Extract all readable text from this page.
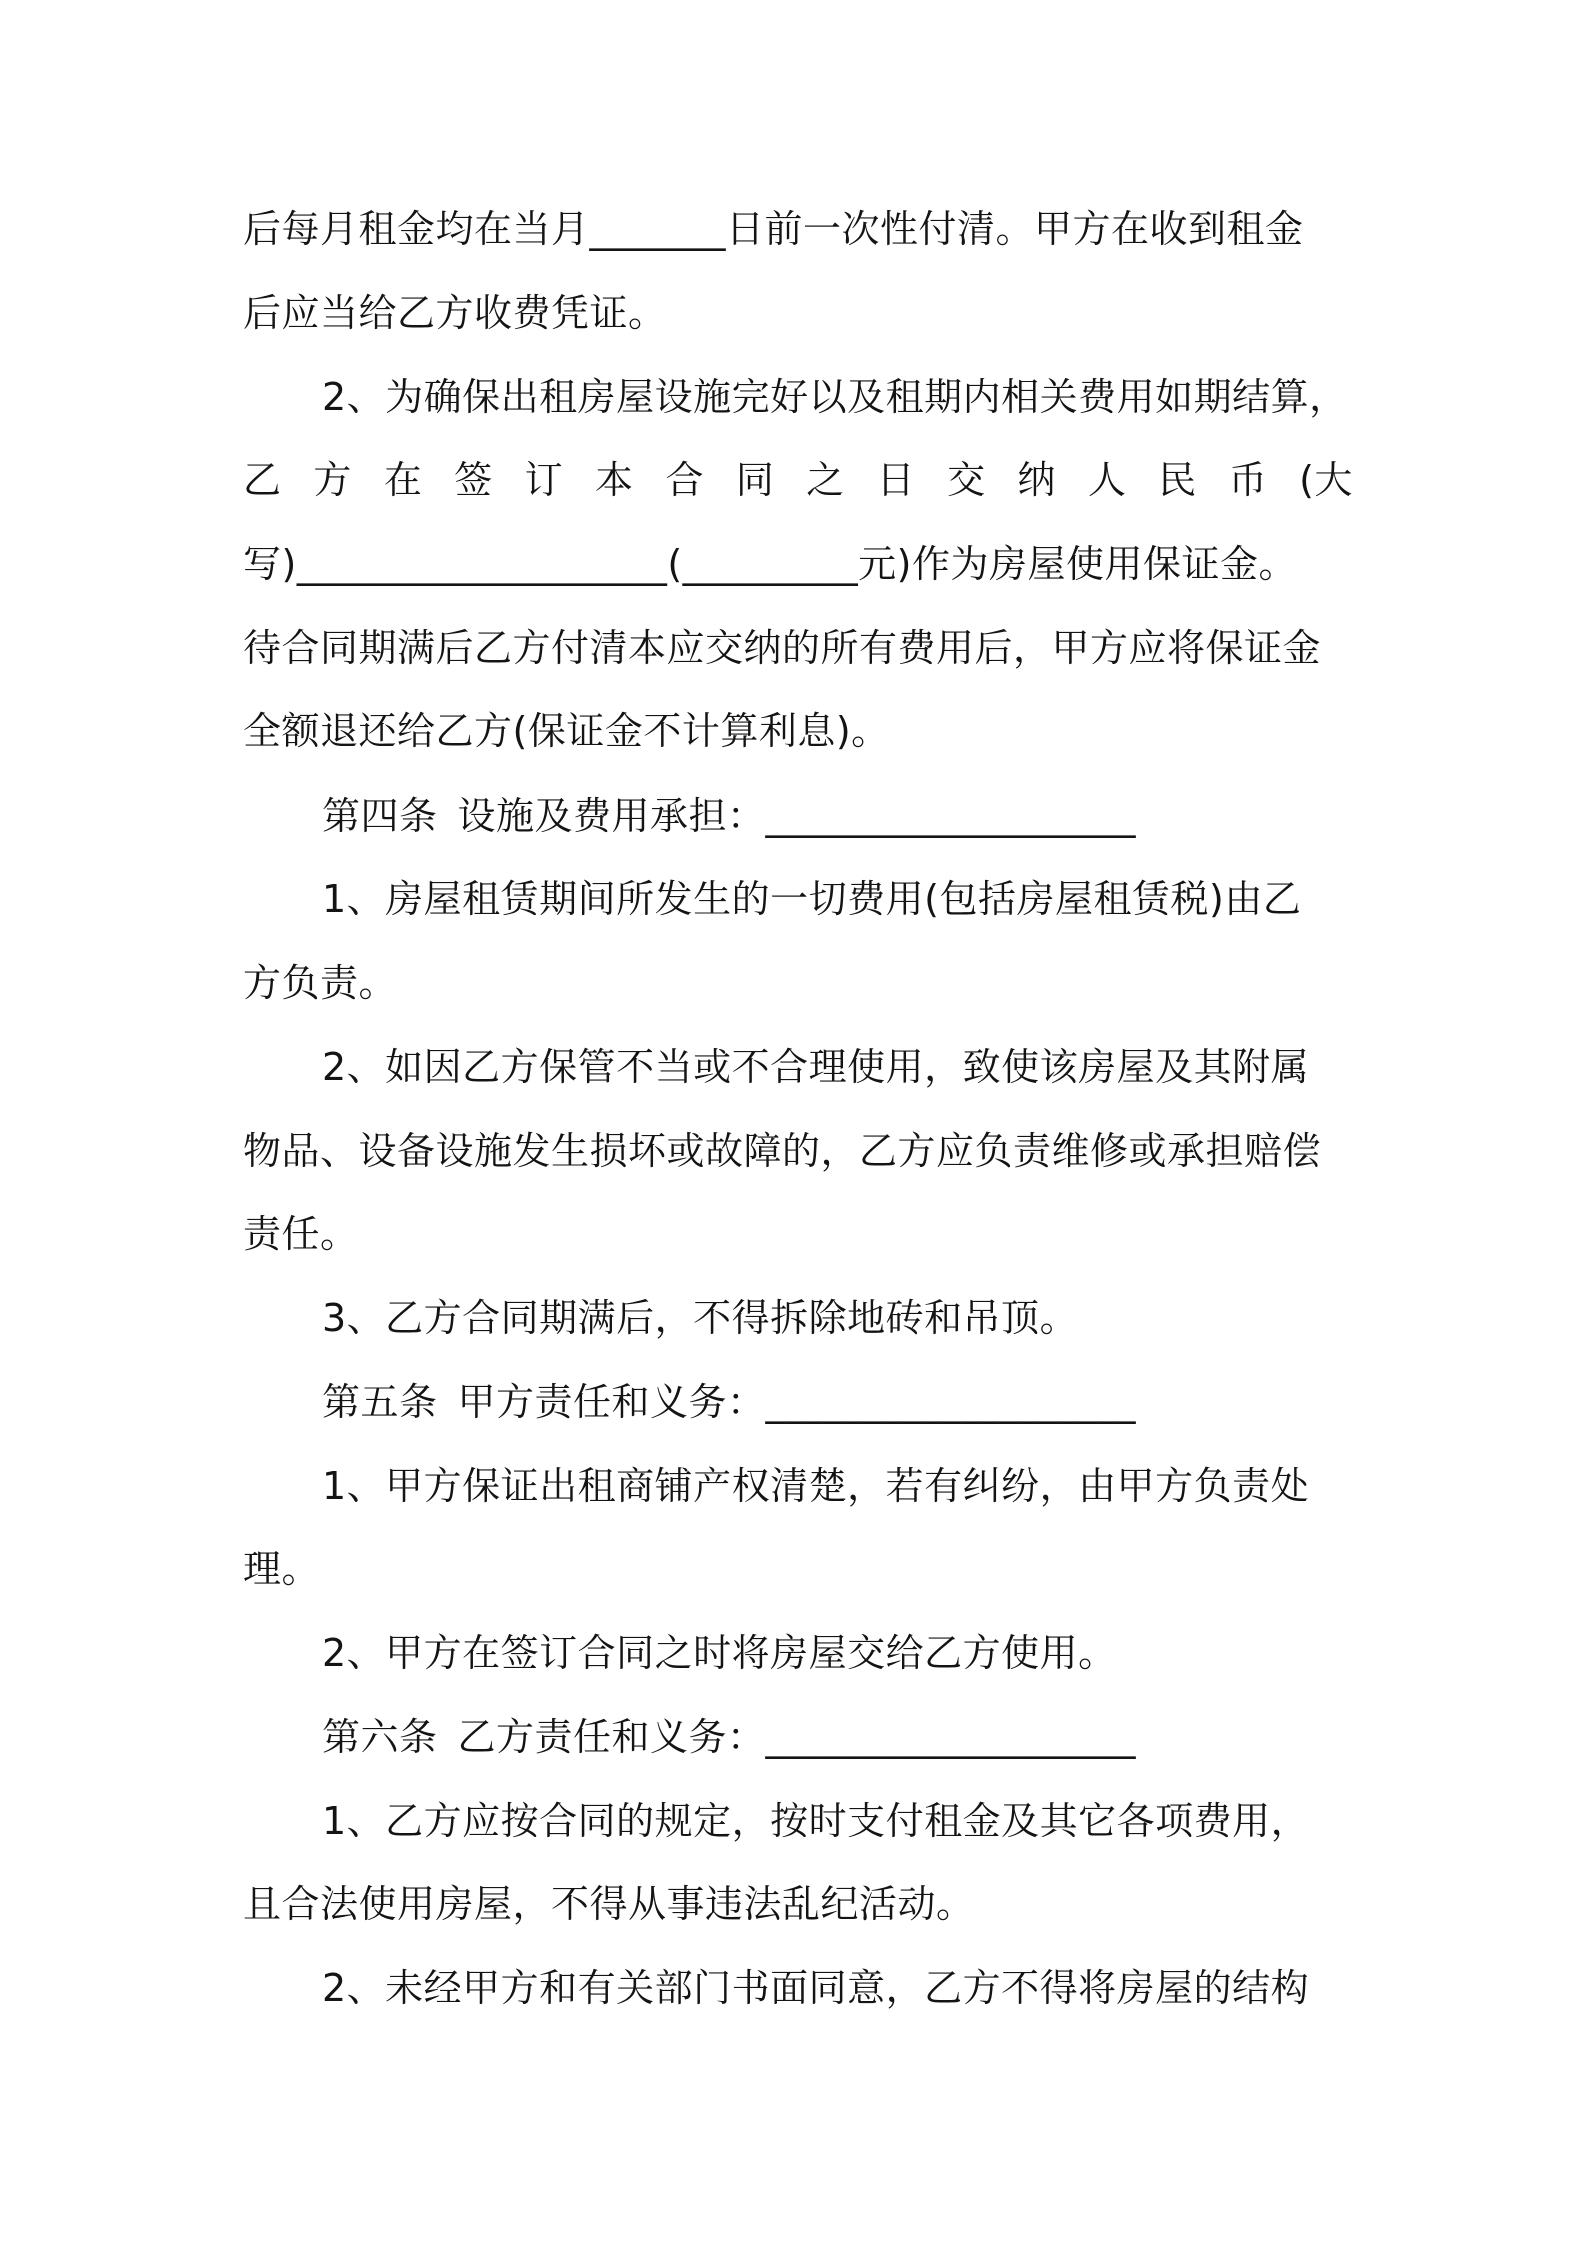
后每月租金均在当月_______日前一次性付清。甲方在收到租金

后应当给乙方收费凭证。

2、为确保出租房屋设施完好以及租期内相关费用如期结算，

乙 方 在 签 订 本 合 同 之 日 交 纳 人 民 币 (大

写)___________________(_________元)作为房屋使用保证金。

待合同期满后乙方付清本应交纳的所有费用后，甲方应将保证金

全额退还给乙方(保证金不计算利息)。

第四条 设施及费用承担：___________________

1、房屋租赁期间所发生的一切费用(包括房屋租赁税)由乙

方负责。

2、如因乙方保管不当或不合理使用，致使该房屋及其附属

物品、设备设施发生损坏或故障的，乙方应负责维修或承担赔偿

责任。

3、乙方合同期满后，不得拆除地砖和吊顶。

第五条 甲方责任和义务：___________________

1、甲方保证出租商铺产权清楚，若有纠纷，由甲方负责处

理。

2、甲方在签订合同之时将房屋交给乙方使用。

第六条 乙方责任和义务：___________________

1、乙方应按合同的规定，按时支付租金及其它各项费用，

且合法使用房屋，不得从事违法乱纪活动。

2、未经甲方和有关部门书面同意，乙方不得将房屋的结构
